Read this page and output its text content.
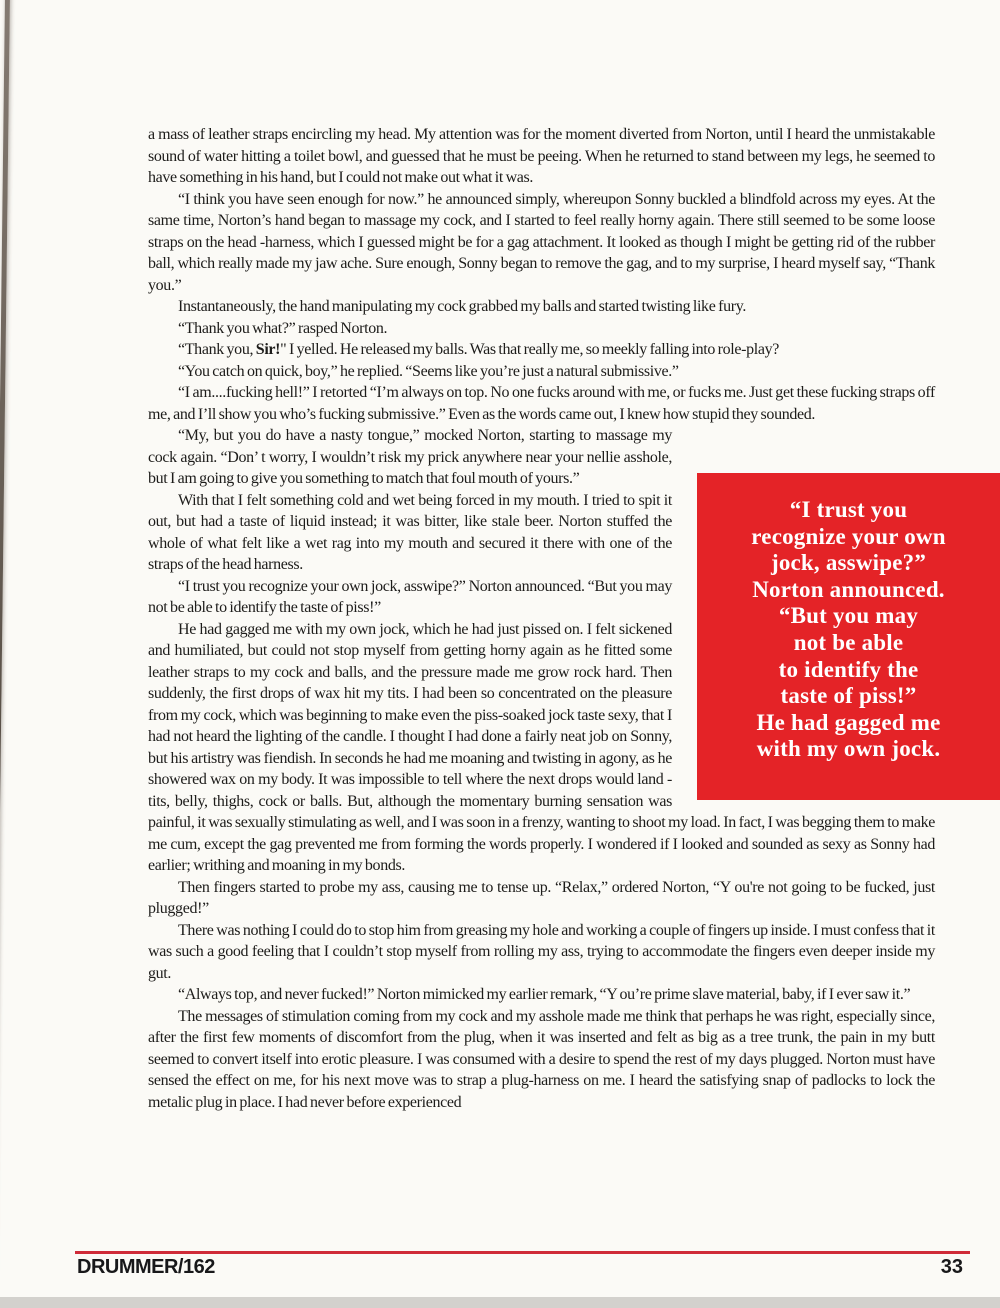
a mass of leather straps encircling my head. My attention was for the moment diverted from Norton, until I heard the unmistakable sound of water hitting a toilet bowl, and guessed that he must be peeing. When he returned to stand between my legs, he seemed to have something in his hand, but I could not make out what it was.

“I think you have seen enough for now.” he announced simply, whereupon Sonny buckled a blindfold across my eyes. At the same time, Norton’s hand began to massage my cock, and I started to feel really horny again. There still seemed to be some loose straps on the head -harness, which I guessed might be for a gag attachment. It looked as though I might be getting rid of the rubber ball, which really made my jaw ache. Sure enough, Sonny began to remove the gag, and to my surprise, I heard myself say, “Thank you.”

Instantaneously, the hand manipulating my cock grabbed my balls and started twisting like fury.

“Thank you what?” rasped Norton.

“Thank you, Sir!" I yelled. He released my balls. Was that really me, so meekly falling into role-play?

“You catch on quick, boy,” he replied. “Seems like you’re just a natural submissive.”

“I am....fucking hell!” I retorted “I’m always on top. No one fucks around with me, or fucks me. Just get these fucking straps off me, and I’ll show you who’s fucking submissive.” Even as the words came out, I knew how stupid they sounded.

“My, but you do have a nasty tongue,” mocked Norton, starting to massage my cock again. “Don’ t worry, I wouldn’t risk my prick anywhere near your nellie asshole, but I am going to give you something to match that foul mouth of yours.”

With that I felt something cold and wet being forced in my mouth. I tried to spit it out, but had a taste of liquid instead; it was bitter, like stale beer. Norton stuffed the whole of what felt like a wet rag into my mouth and secured it there with one of the straps of the head harness.

“I trust you recognize your own jock, asswipe?” Norton announced. “But you may not be able to identify the taste of piss!”

He had gagged me with my own jock, which he had just pissed on. I felt sickened and humiliated, but could not stop myself from getting horny again as he fitted some leather straps to my cock and balls, and the pressure made me grow rock hard. Then suddenly, the first drops of wax hit my tits. I had been so concentrated on the pleasure from my cock, which was beginning to make even the piss-soaked jock taste sexy, that I had not heard the lighting of the candle. I thought I had done a fairly neat job on Sonny, but his artistry was fiendish. In seconds he had me moaning and twisting in agony, as he showered wax on my body. It was impossible to tell where the next drops would land - tits, belly, thighs, cock or balls. But, although the momentary burning sensation was painful, it was sexually stimulating as well, and I was soon in a frenzy, wanting to shoot my load. In fact, I was begging them to make me cum, except the gag prevented me from forming the words properly. I wondered if I looked and sounded as sexy as Sonny had earlier; writhing and moaning in my bonds.

Then fingers started to probe my ass, causing me to tense up. “Relax,” ordered Norton, “Y ou're not going to be fucked, just plugged!”

There was nothing I could do to stop him from greasing my hole and working a couple of fingers up inside. I must confess that it was such a good feeling that I couldn’t stop myself from rolling my ass, trying to accommodate the fingers even deeper inside my gut.

“Always top, and never fucked!” Norton mimicked my earlier remark, “Y ou’re prime slave material, baby, if I ever saw it.”

The messages of stimulation coming from my cock and my asshole made me think that perhaps he was right, especially since, after the first few moments of discomfort from the plug, when it was inserted and felt as big as a tree trunk, the pain in my butt seemed to convert itself into erotic pleasure. I was consumed with a desire to spend the rest of my days plugged. Norton must have sensed the effect on me, for his next move was to strap a plug-harness on me. I heard the satisfying snap of padlocks to lock the metalic plug in place. I had never before experienced

“I trust you
recognize your own
jock, asswipe?”
Norton announced.
“But you may
not be able
to identify the
taste of piss!”
He had gagged me
with my own jock.
DRUMMER/162	33
